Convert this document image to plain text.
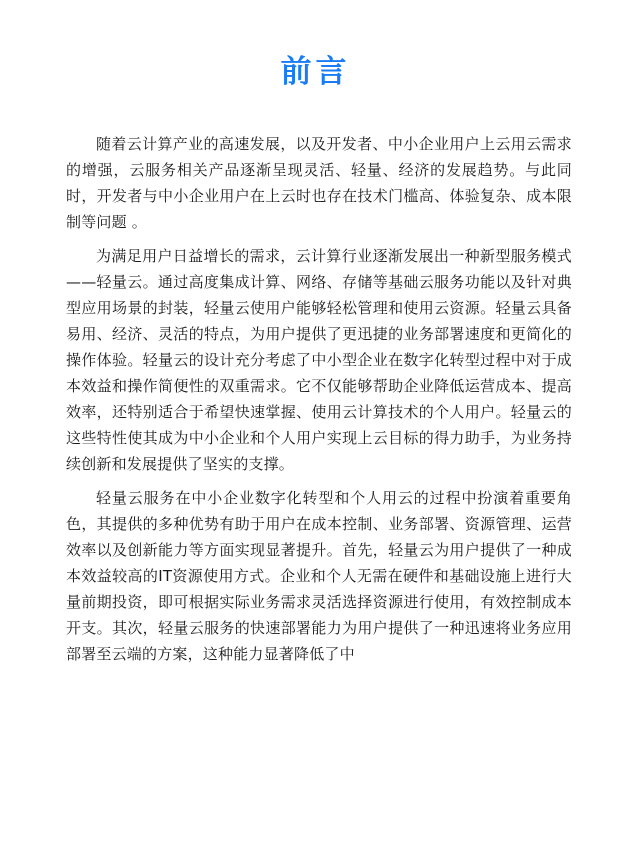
前言

随着云计算产业的高速发展，以及开发者、中小企业用户上云用云需求的增强，云服务相关产品逐渐呈现灵活、轻量、经济的发展趋势。与此同时，开发者与中小企业用户在上云时也存在技术门槛高、体验复杂、成本限制等问题 。

为满足用户日益增长的需求，云计算行业逐渐发展出一种新型服务模式——轻量云。通过高度集成计算、网络、存储等基础云服务功能以及针对典型应用场景的封装，轻量云使用户能够轻松管理和使用云资源。轻量云具备易用、经济、灵活的特点，为用户提供了更迅捷的业务部署速度和更简化的操作体验。轻量云的设计充分考虑了中小型企业在数字化转型过程中对于成本效益和操作简便性的双重需求。它不仅能够帮助企业降低运营成本、提高效率，还特别适合于希望快速掌握、使用云计算技术的个人用户。轻量云的这些特性使其成为中小企业和个人用户实现上云目标的得力助手，为业务持续创新和发展提供了坚实的支撑。

轻量云服务在中小企业数字化转型和个人用云的过程中扮演着重要角色，其提供的多种优势有助于用户在成本控制、业务部署、资源管理、运营效率以及创新能力等方面实现显著提升。首先，轻量云为用户提供了一种成本效益较高的IT资源使用方式。企业和个人无需在硬件和基础设施上进行大量前期投资，即可根据实际业务需求灵活选择资源进行使用，有效控制成本开支。其次，轻量云服务的快速部署能力为用户提供了一种迅速将业务应用部署至云端的方案，这种能力显著降低了中
